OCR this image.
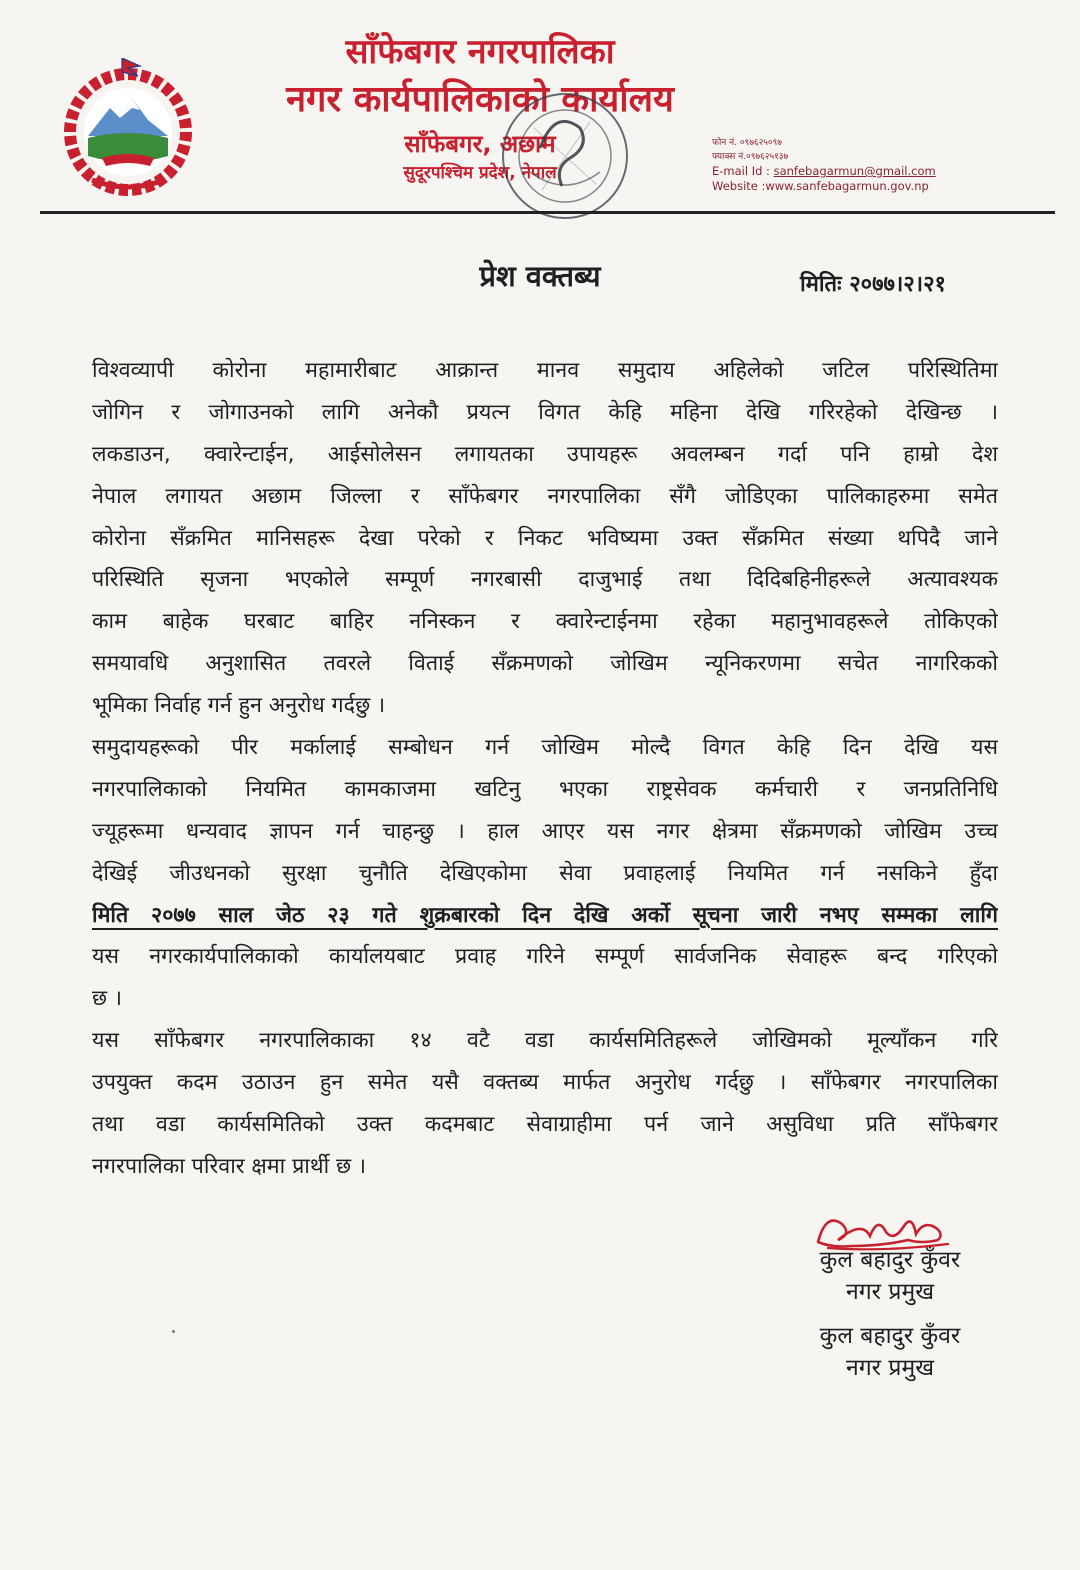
साँफेबगर नगरपालिका
नगर कार्यपालिकाको कार्यालय
साँफेबगर, अछाम
सुदूरपश्चिम प्रदेश, नेपाल
फोन नं. ०९७६२५०९७
फ्याक्स नं.०९७६२५१३७
E-mail Id : sanfebagarmun@gmail.com
Website :www.sanfebagarmun.gov.np
प्रेश वक्तब्य	मितिः २०७७।२।२१
विश्वव्यापी कोरोना महामारीबाट आक्रान्त मानव समुदाय अहिलेको जटिल परिस्थितिमा
जोगिन र जोगाउनको लागि अनेकौ प्रयत्न विगत केहि महिना देखि गरिरहेको देखिन्छ ।
लकडाउन, क्वारेन्टाईन, आईसोलेसन लगायतका उपायहरू अवलम्बन गर्दा पनि हाम्रो देश
नेपाल लगायत अछाम जिल्ला र साँफेबगर नगरपालिका सँगै जोडिएका पालिकाहरुमा समेत
कोरोना सँक्रमित मानिसहरू देखा परेको र निकट भविष्यमा उक्त सँक्रमित संख्या थपिदै जाने
परिस्थिति सृजना भएकोले सम्पूर्ण नगरबासी दाजुभाई तथा दिदिबहिनीहरूले अत्यावश्यक
काम बाहेक घरबाट बाहिर ननिस्कन र क्वारेन्टाईनमा रहेका महानुभावहरूले तोकिएको
समयावधि अनुशासित तवरले विताई सँक्रमणको जोखिम न्यूनिकरणमा सचेत नागरिकको
भूमिका निर्वाह गर्न हुन अनुरोध गर्दछु ।
समुदायहरूको पीर मर्कालाई सम्बोधन गर्न जोखिम मोल्दै विगत केहि दिन देखि यस
नगरपालिकाको नियमित कामकाजमा खटिनु भएका राष्ट्रसेवक कर्मचारी र जनप्रतिनिधि
ज्यूहरूमा धन्यवाद ज्ञापन गर्न चाहन्छु । हाल आएर यस नगर क्षेत्रमा सँक्रमणको जोखिम उच्च
देखिई जीउधनको सुरक्षा चुनौति देखिएकोमा सेवा प्रवाहलाई नियमित गर्न नसकिने हुँदा
मिति २०७७ साल जेठ २३ गते शुक्रबारको दिन देखि अर्को सूचना जारी नभए सम्मका लागि
यस नगरकार्यपालिकाको कार्यालयबाट प्रवाह गरिने सम्पूर्ण सार्वजनिक सेवाहरू बन्द गरिएको
छ ।
यस साँफेबगर नगरपालिकाका १४ वटै वडा कार्यसमितिहरूले जोखिमको मूल्याँकन गरि
उपयुक्त कदम उठाउन हुन समेत यसै वक्तब्य मार्फत अनुरोध गर्दछु । साँफेबगर नगरपालिका
तथा वडा कार्यसमितिको उक्त कदमबाट सेवाग्राहीमा पर्न जाने असुविधा प्रति साँफेबगर
नगरपालिका परिवार क्षमा प्रार्थी छ ।
कुल बहादुर कुँवर
नगर प्रमुख
कुल बहादुर कुँवर
नगर प्रमुख
